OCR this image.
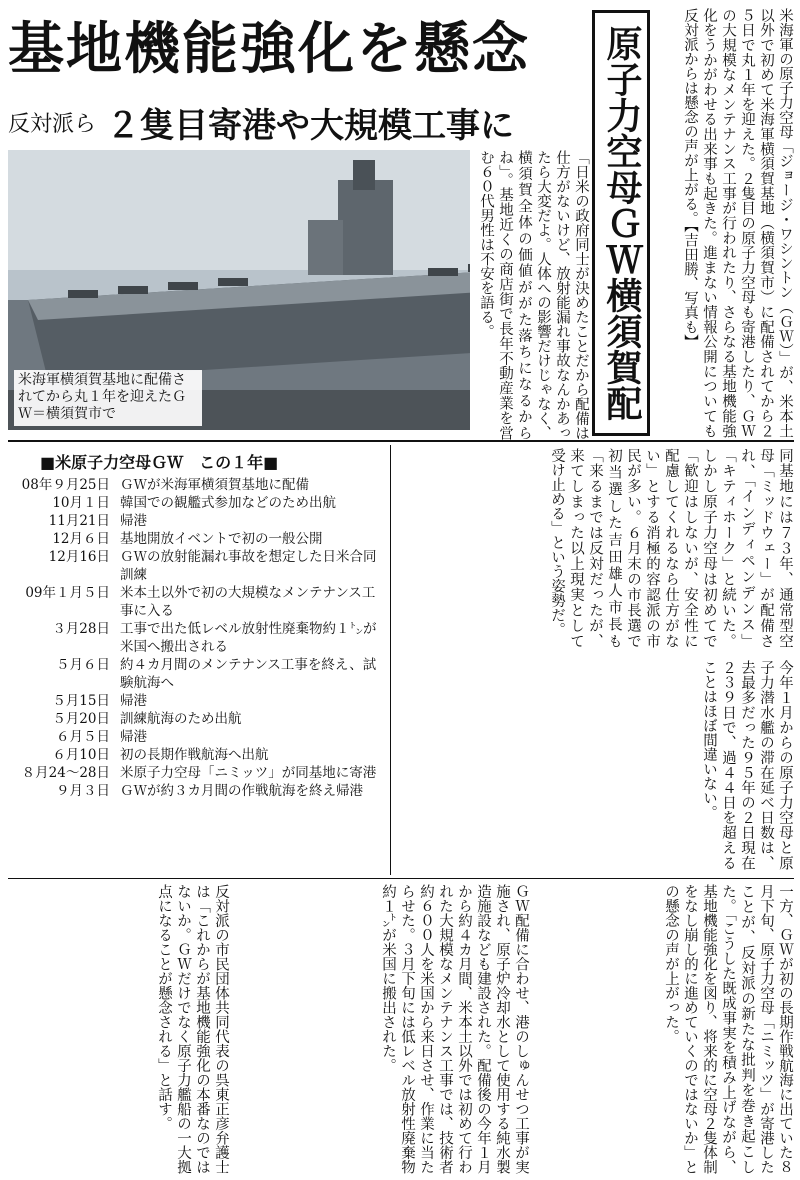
基地機能強化を懸念
反対派ら ２隻目寄港や大規模工事に
原子力空母ＧＷ横須賀配	米海軍の原子力空母「ジョージ・ワシントン（ＧＷ）」が、米本土以外で初めて米海軍横須賀基地（横須賀市）に配備されてから２５日で丸１年を迎えた。２隻目の原子力空母も寄港したり、ＧＷの大規模なメンテナンス工事が行われたり、さらなる基地機能強化をうかがわせる出来事も起きた。進まない情報公開についても反対派からは懸念の声が上がる。【吉田勝、写真も】
米海軍横須賀基地に配備されてから丸１年を迎えたＧＷ＝横須賀市で	「日米の政府同士が決めたことだから配備は仕方がないけど、放射能漏れ事故なんかあったら大変だよ。人体への影響だけじゃなく、横須賀全体の価値ががた落ちになるからね」。基地近くの商店街で長年不動産業を営む６０代男性は不安を語る。
■米原子力空母ＧＷ　この１年■
08年９月25日	ＧＷが米海軍横須賀基地に配備
10月１日	韓国での観艦式参加などのため出航
11月21日	帰港
12月６日	基地開放イベントで初の一般公開
12月16日	ＧＷの放射能漏れ事故を想定した日米合同訓練
09年１月５日	米本土以外で初の大規模なメンテナンス工事に入る
３月28日	工事で出た低レベル放射性廃棄物約１㌧が米国へ搬出される
５月６日	約４カ月間のメンテナンス工事を終え、試験航海へ
５月15日	帰港
５月20日	訓練航海のため出航
６月５日	帰港
６月10日	初の長期作戦航海へ出航
８月24〜28日	米原子力空母「ニミッツ」が同基地に寄港
９月３日	ＧＷが約３カ月間の作戦航海を終え帰港
同基地には７３年、通常型空母「ミッドウェー」が配備され、「インディペンデンス」「キティホーク」と続いた。しかし原子力空母は初めてで「歓迎はしないが、安全性に配慮してくれるなら仕方がない」とする消極的容認派の市民が多い。６月末の市長選で初当選した吉田雄人市長も「来るまでは反対だったが、来てしまった以上現実として受け止める」という姿勢だ。
今年１月からの原子力空母と原子力潜水艦の滞在延べ日数は、去最多だった９５年の２日現在２３９日で、過４４日を超えることはほぼ間違いない。
一方、ＧＷが初の長期作戦航海に出ていた８月下旬、原子力空母「ニミッツ」が寄港したことが、反対派の新たな批判を巻き起こした。「こうした既成事実を積み上げながら、基地機能強化を図り、将来的に空母２隻体制をなし崩し的に進めていくのではないか」との懸念の声が上がった。
ＧＷ配備に合わせ、港のしゅんせつ工事が実施され、原子炉冷却水として使用する純水製造施設なども建設された。配備後の今年１月から約４カ月間、米本土以外では初めて行われた大規模なメンテナンス工事では、技術者約６００人を米国から来日させ、作業に当たらせた。３月下旬には低レベル放射性廃棄物約１㌧が米国に搬出された。
反対派の市民団体共同代表の呉東正彦弁護士は「これからが基地機能強化の本番なのではないか。ＧＷだけでなく原子力艦船の一大拠点になることが懸念される」と話す。
